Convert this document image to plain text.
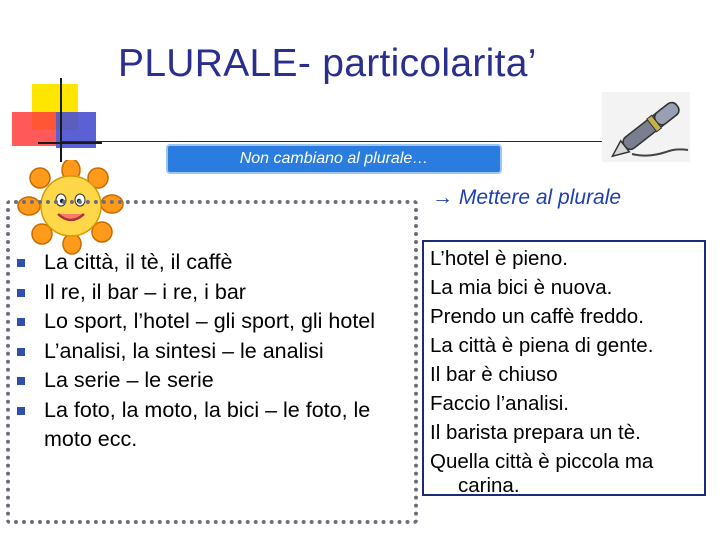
PLURALE- particolarita’
Non cambiano al plurale…
→ Mettere al plurale
La città, il tè, il caffè
Il re, il bar – i re, i bar
Lo sport, l’hotel – gli sport, gli hotel
L’analisi, la sintesi – le analisi
La serie – le serie
La foto, la moto, la bici – le foto, le moto ecc.
L’hotel è pieno.
La mia bici è nuova.
Prendo un caffè freddo.
La città è piena di gente.
Il bar è chiuso
Faccio l’analisi.
Il barista prepara un tè.
Quella città è piccola ma
carina.
